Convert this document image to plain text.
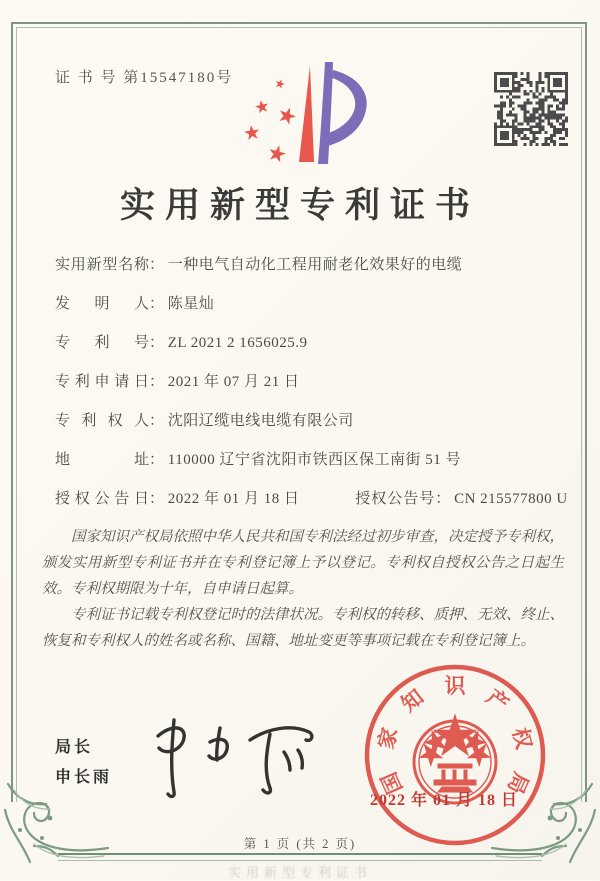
证 书 号 第15547180号
实用新型专利证书
实用新型名称： 一种电气自动化工程用耐老化效果好的电缆
发明人： 陈星灿
专利号： ZL 2021 2 1656025.9
专利申请日： 2021 年 07 月 21 日
专利权人： 沈阳辽缆电线电缆有限公司
地址： 110000 辽宁省沈阳市铁西区保工南街 51 号
授权公告日： 2022 年 01 月 18 日	授权公告号： CN 215577800 U

国家知识产权局依照中华人民共和国专利法经过初步审查，决定授予专利权，颁发实用新型专利证书并在专利登记簿上予以登记。专利权自授权公告之日起生效。专利权期限为十年，自申请日起算。

专利证书记载专利权登记时的法律状况。专利权的转移、质押、无效、终止、恢复和专利权人的姓名或名称、国籍、地址变更等事项记载在专利登记簿上。

局长
申长雨	国
家
知 识 产
权
局
2022 年 01 月 18 日
第 1 页 (共 2 页)
实用新型专利证书
